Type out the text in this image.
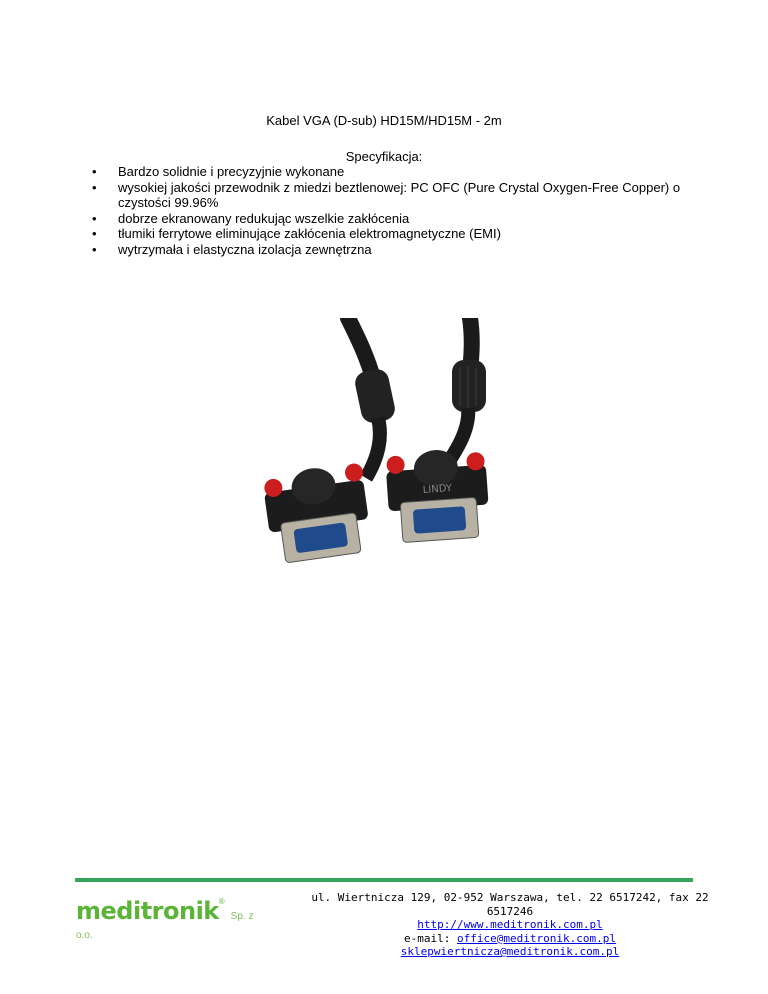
Kabel VGA (D-sub) HD15M/HD15M - 2m
Specyfikacja:
• Bardzo solidnie i precyzyjnie wykonane
• wysokiej jakości przewodnik z miedzi beztlenowej: PC OFC (Pure Crystal Oxygen-Free Copper) o czystości 99.96%
• dobrze ekranowany redukując wszelkie zakłócenia
• tłumiki ferrytowe eliminujące zakłócenia elektromagnetyczne (EMI)
• wytrzymała i elastyczna izolacja zewnętrzna
LINDY
meditronik®Sp. z o.o.
ul. Wiertnicza 129, 02-952 Warszawa, tel. 22 6517242, fax 22 6517246
http://www.meditronik.com.pl
e-mail: office@meditronik.com.pl sklepwiertnicza@meditronik.com.pl
